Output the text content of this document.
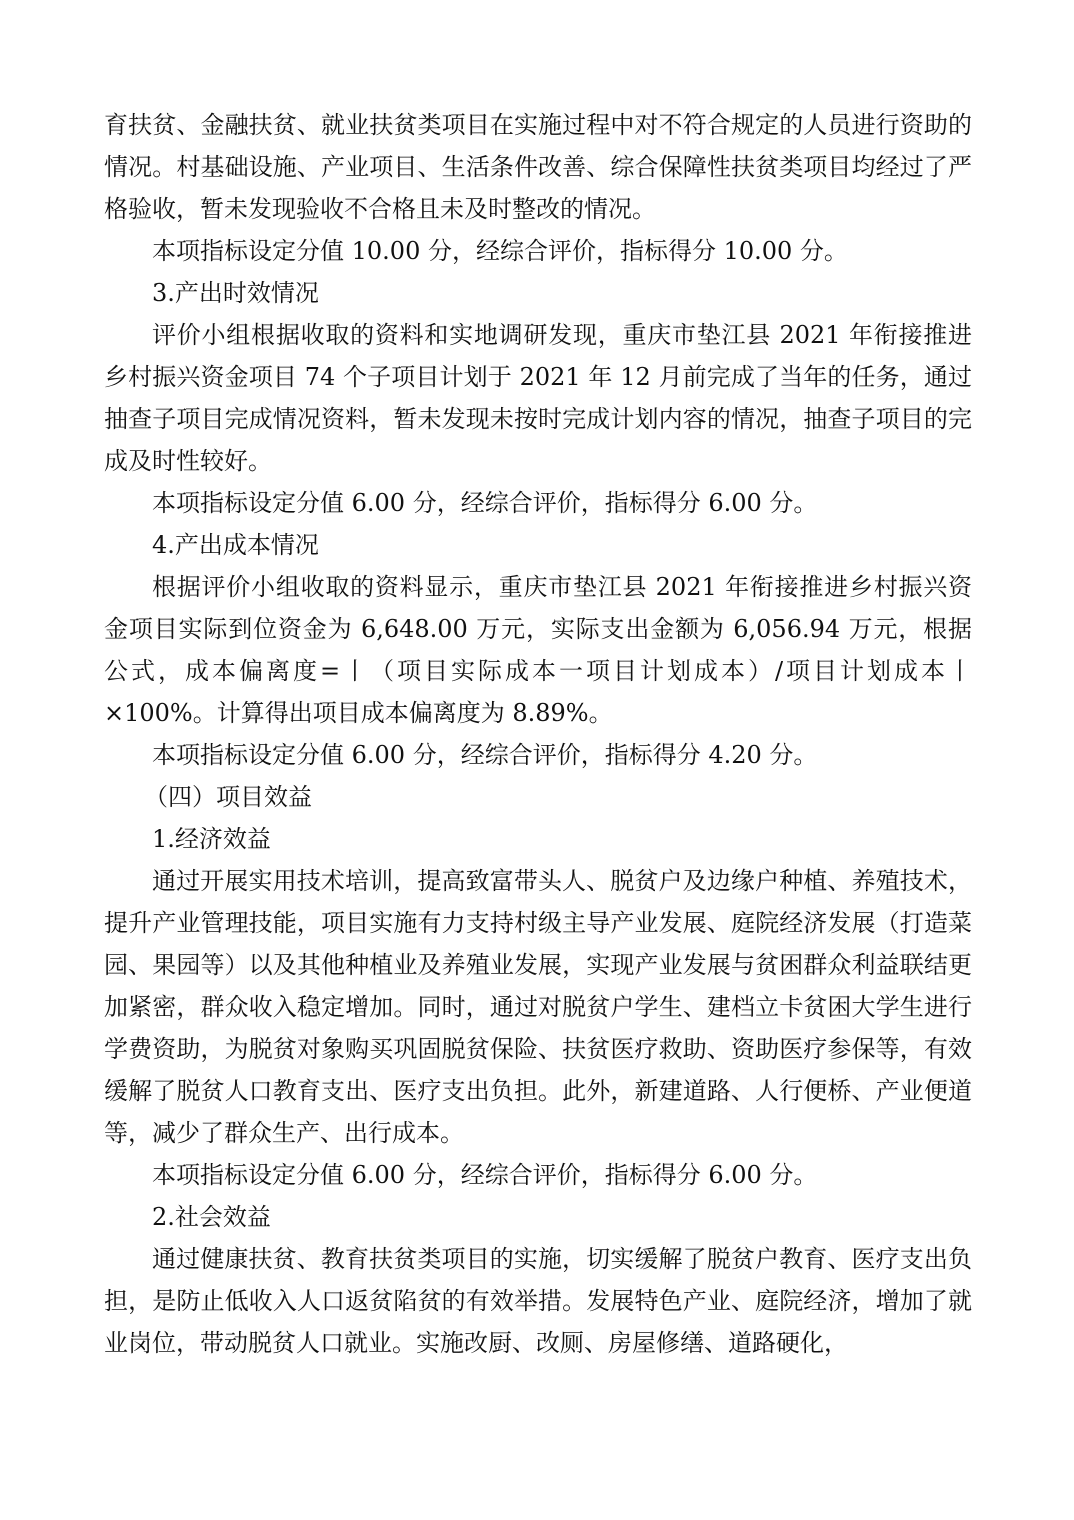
育扶贫、金融扶贫、就业扶贫类项目在实施过程中对不符合规定的人员进行资助的情况。村基础设施、产业项目、生活条件改善、综合保障性扶贫类项目均经过了严格验收，暂未发现验收不合格且未及时整改的情况。

本项指标设定分值 10.00 分，经综合评价，指标得分 10.00 分。

3.产出时效情况

评价小组根据收取的资料和实地调研发现，重庆市垫江县 2021 年衔接推进乡村振兴资金项目 74 个子项目计划于 2021 年 12 月前完成了当年的任务，通过抽查子项目完成情况资料，暂未发现未按时完成计划内容的情况，抽查子项目的完成及时性较好。

本项指标设定分值 6.00 分，经综合评价，指标得分 6.00 分。

4.产出成本情况

根据评价小组收取的资料显示，重庆市垫江县 2021 年衔接推进乡村振兴资金项目实际到位资金为 6,648.00 万元，实际支出金额为 6,056.94 万元，根据公式，成本偏离度=丨（项目实际成本一项目计划成本）/项目计划成本丨×100%。计算得出项目成本偏离度为 8.89%。

本项指标设定分值 6.00 分，经综合评价，指标得分 4.20 分。

（四）项目效益

1.经济效益

通过开展实用技术培训，提高致富带头人、脱贫户及边缘户种植、养殖技术，提升产业管理技能，项目实施有力支持村级主导产业发展、庭院经济发展（打造菜园、果园等）以及其他种植业及养殖业发展，实现产业发展与贫困群众利益联结更加紧密，群众收入稳定增加。同时，通过对脱贫户学生、建档立卡贫困大学生进行学费资助，为脱贫对象购买巩固脱贫保险、扶贫医疗救助、资助医疗参保等，有效缓解了脱贫人口教育支出、医疗支出负担。此外，新建道路、人行便桥、产业便道等，减少了群众生产、出行成本。

本项指标设定分值 6.00 分，经综合评价，指标得分 6.00 分。

2.社会效益

通过健康扶贫、教育扶贫类项目的实施，切实缓解了脱贫户教育、医疗支出负担，是防止低收入人口返贫陷贫的有效举措。发展特色产业、庭院经济，增加了就业岗位，带动脱贫人口就业。实施改厨、改厕、房屋修缮、道路硬化，
